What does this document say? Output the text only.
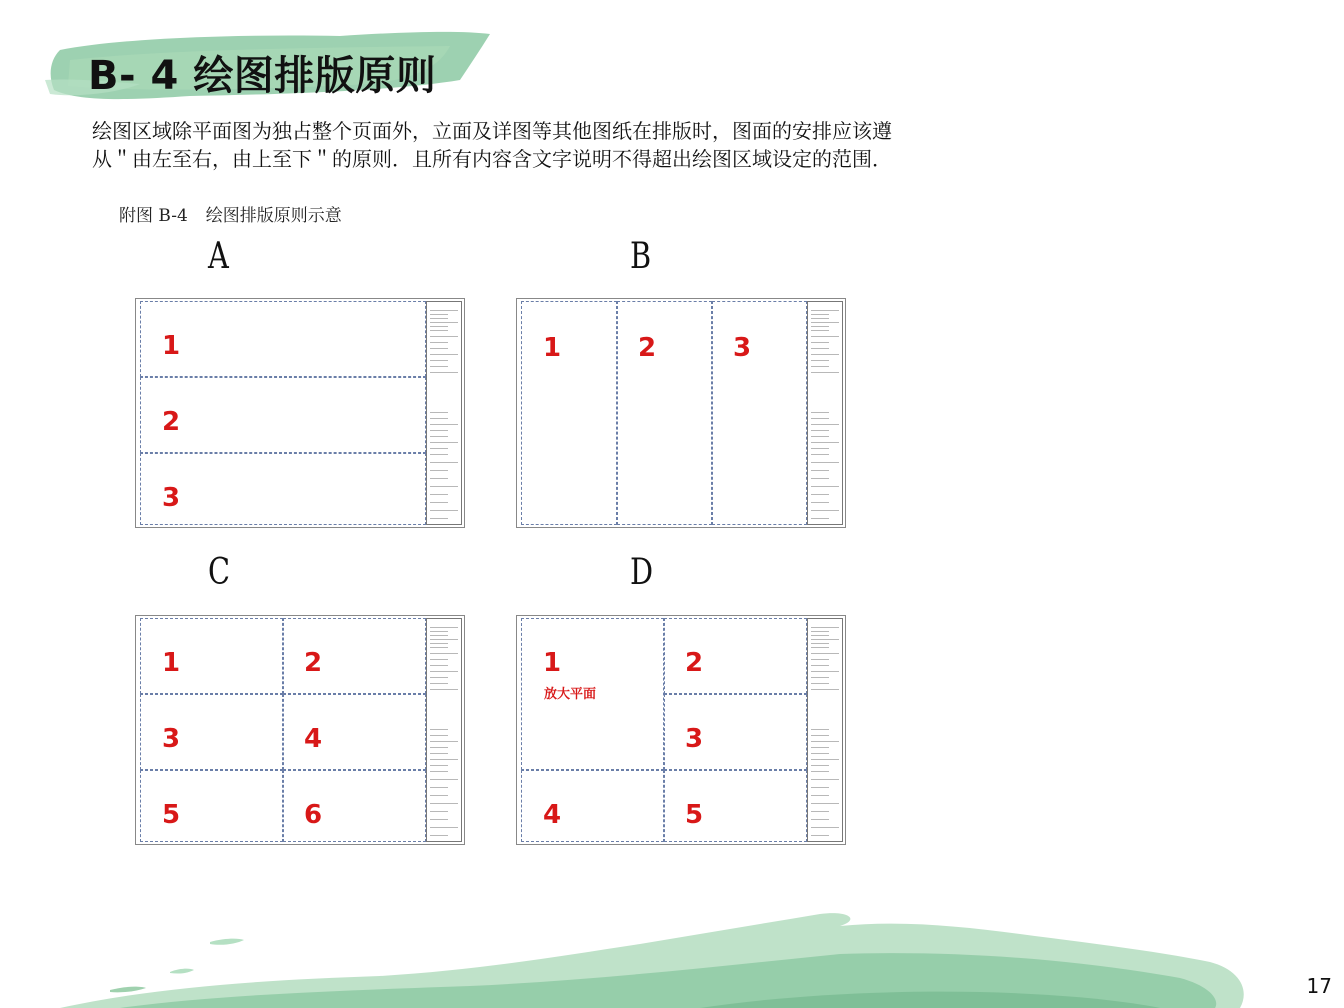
B- 4 绘图排版原则
绘图区域除平面图为独占整个页面外，立面及详图等其他图纸在排版时，图面的安排应该遵
从＂由左至右，由上至下＂的原则．且所有内容含文字说明不得超出绘图区域设定的范围．
附图 B-4 绘图排版原则示意
A	B
C	D
1
2
3
1	2	3
1	2
3	4
5	6
1
放大平面
2
3
4	5
17
